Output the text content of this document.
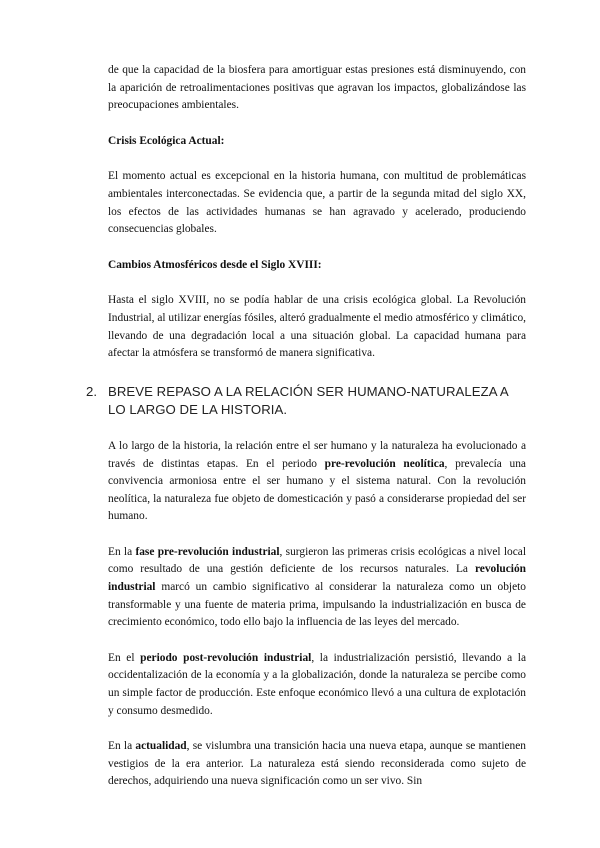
de que la capacidad de la biosfera para amortiguar estas presiones está disminuyendo, con la aparición de retroalimentaciones positivas que agravan los impactos, globalizándose las preocupaciones ambientales.

Crisis Ecológica Actual:

El momento actual es excepcional en la historia humana, con multitud de problemáticas ambientales interconectadas. Se evidencia que, a partir de la segunda mitad del siglo XX, los efectos de las actividades humanas se han agravado y acelerado, produciendo consecuencias globales.

Cambios Atmosféricos desde el Siglo XVIII:

Hasta el siglo XVIII, no se podía hablar de una crisis ecológica global. La Revolución Industrial, al utilizar energías fósiles, alteró gradualmente el medio atmosférico y climático, llevando de una degradación local a una situación global. La capacidad humana para afectar la atmósfera se transformó de manera significativa.

2. BREVE REPASO A LA RELACIÓN SER HUMANO-NATURALEZA A LO LARGO DE LA HISTORIA.

A lo largo de la historia, la relación entre el ser humano y la naturaleza ha evolucionado a través de distintas etapas. En el periodo pre-revolución neolítica, prevalecía una convivencia armoniosa entre el ser humano y el sistema natural. Con la revolución neolítica, la naturaleza fue objeto de domesticación y pasó a considerarse propiedad del ser humano.

En la fase pre-revolución industrial, surgieron las primeras crisis ecológicas a nivel local como resultado de una gestión deficiente de los recursos naturales. La revolución industrial marcó un cambio significativo al considerar la naturaleza como un objeto transformable y una fuente de materia prima, impulsando la industrialización en busca de crecimiento económico, todo ello bajo la influencia de las leyes del mercado.

En el periodo post-revolución industrial, la industrialización persistió, llevando a la occidentalización de la economía y a la globalización, donde la naturaleza se percibe como un simple factor de producción. Este enfoque económico llevó a una cultura de explotación y consumo desmedido.

En la actualidad, se vislumbra una transición hacia una nueva etapa, aunque se mantienen vestigios de la era anterior. La naturaleza está siendo reconsiderada como sujeto de derechos, adquiriendo una nueva significación como un ser vivo. Sin
